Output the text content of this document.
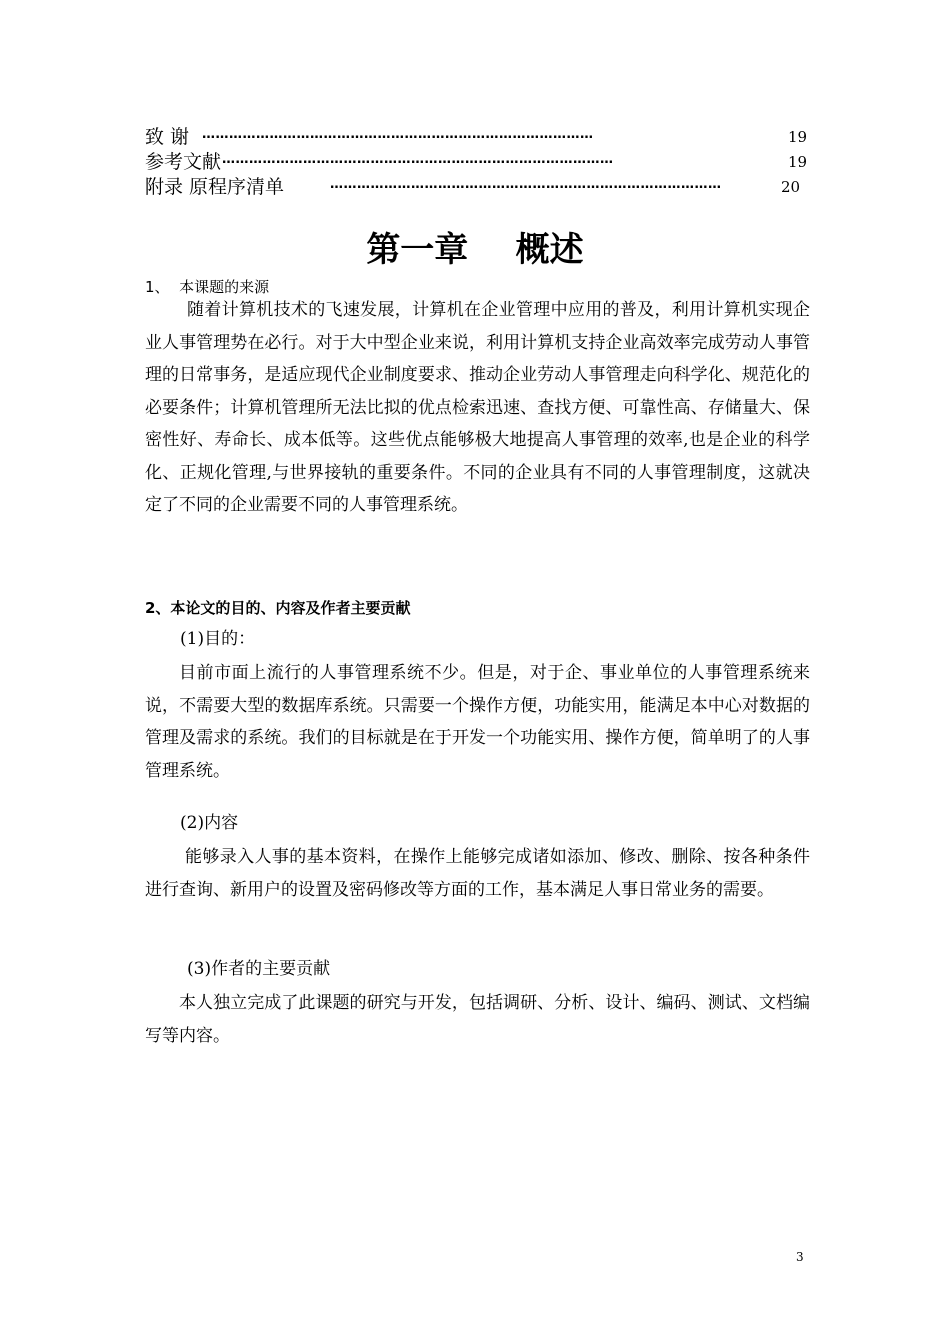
致 谢 ……………………………………………………………………………	19
参考文献 ……………………………………………………………………………	19
附录 原程序清单	……………………………………………………………………………	20
第一章    概述
1、  本课题的来源

随着计算机技术的飞速发展，计算机在企业管理中应用的普及，利用计算机实现企业人事管理势在必行。对于大中型企业来说，利用计算机支持企业高效率完成劳动人事管理的日常事务，是适应现代企业制度要求、推动企业劳动人事管理走向科学化、规范化的必要条件；计算机管理所无法比拟的优点检索迅速、查找方便、可靠性高、存储量大、保密性好、寿命长、成本低等。这些优点能够极大地提高人事管理的效率,也是企业的科学化、正规化管理,与世界接轨的重要条件。不同的企业具有不同的人事管理制度，这就决定了不同的企业需要不同的人事管理系统。

2、本论文的目的、内容及作者主要贡献
(1)目的：

目前市面上流行的人事管理系统不少。但是，对于企、事业单位的人事管理系统来说，不需要大型的数据库系统。只需要一个操作方便，功能实用，能满足本中心对数据的管理及需求的系统。我们的目标就是在于开发一个功能实用、操作方便，简单明了的人事管理系统。

(2)内容

能够录入人事的基本资料，在操作上能够完成诸如添加、修改、删除、按各种条件进行查询、新用户的设置及密码修改等方面的工作，基本满足人事日常业务的需要。

(3)作者的主要贡献

本人独立完成了此课题的研究与开发，包括调研、分析、设计、编码、测试、文档编写等内容。

3
